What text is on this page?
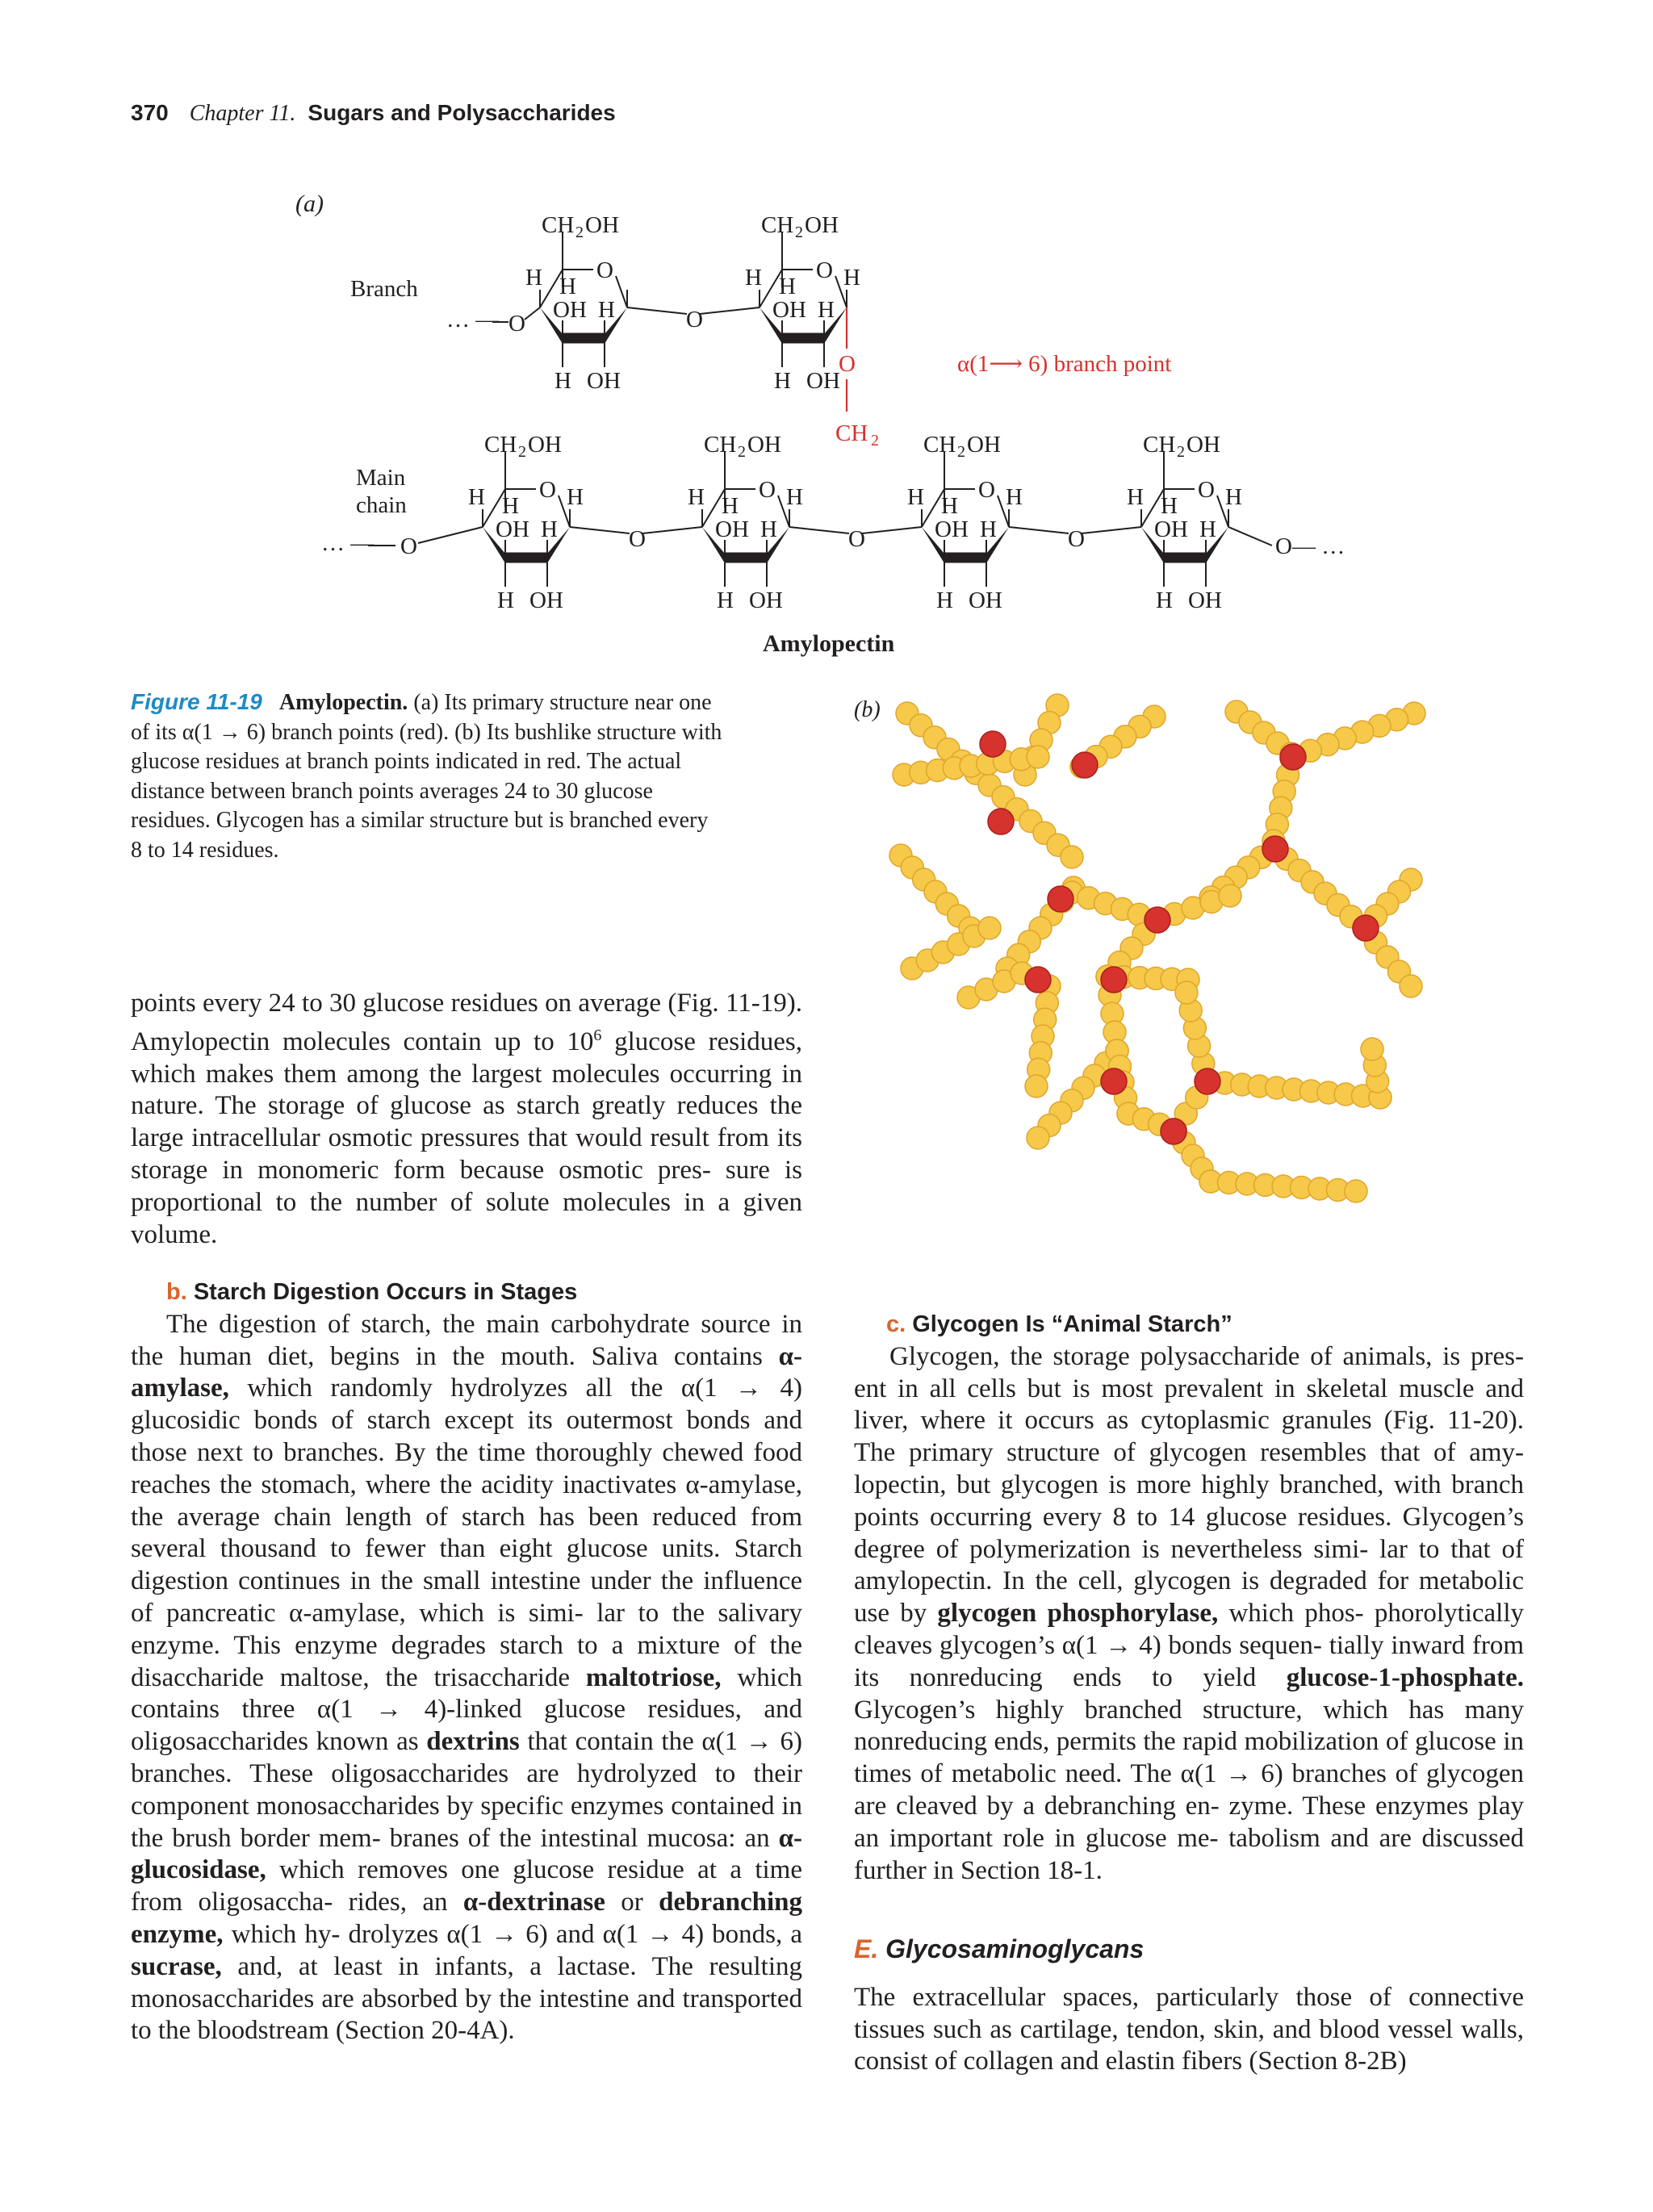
370 Chapter 11. Sugars and Polysaccharides
(a)
Branch
Main
chain
CH 2 OH
O
H H
OH H
H OH
CH 2 OH
O
H H
OH H
H OH
H
O
… — O
CH 2 OH
O
H H
OH H
H OH
H
CH 2 OH
O
H H
OH H
H OH
H
CH 2 OH
O
H H
OH H
H OH
H
CH 2 OH
O
H H
OH H
H OH
H
O	O	O
… — O	O— …
O
CH 2
α(1⟶ 6) branch point
Amylopectin
(b)
Figure 11-19 Amylopectin. (a) Its primary structure near one
of its α(1 → 6) branch points (red). (b) Its bushlike structure with
glucose residues at branch points indicated in red. The actual
distance between branch points averages 24 to 30 glucose
residues. Glycogen has a similar structure but is branched every
8 to 14 residues.

points every 24 to 30 glucose residues on average (Fig. 11-19). Amylopectin molecules contain up to $10^6$ glucose residues, which makes them among the largest molecules occurring in nature. The storage of glucose as starch greatly reduces the large intracellular osmotic pressures that would result from its storage in monomeric form because osmotic pres- sure is proportional to the number of solute molecules in a given volume.

b. Starch Digestion Occurs in Stages

The digestion of starch, the main carbohydrate source in the human diet, begins in the mouth. Saliva contains α-amylase, which randomly hydrolyzes all the α(1 → 4) glucosidic bonds of starch except its outermost bonds and those next to branches. By the time thoroughly chewed food reaches the stomach, where the acidity inactivates α-amylase, the average chain length of starch has been reduced from several thousand to fewer than eight glucose units. Starch digestion continues in the small intestine under the influence of pancreatic α-amylase, which is simi- lar to the salivary enzyme. This enzyme degrades starch to a mixture of the disaccharide maltose, the trisaccharide maltotriose, which contains three α(1 → 4)-linked glucose residues, and oligosaccharides known as dextrins that contain the α(1 → 6) branches. These oligosaccharides are hydrolyzed to their component monosaccharides by specific enzymes contained in the brush border mem- branes of the intestinal mucosa: an α-glucosidase, which removes one glucose residue at a time from oligosaccha- rides, an α-dextrinase or debranching enzyme, which hy- drolyzes α(1 → 6) and α(1 → 4) bonds, a sucrase, and, at least in infants, a lactase. The resulting monosaccharides are absorbed by the intestine and transported to the bloodstream (Section 20-4A).

c. Glycogen Is “Animal Starch”

Glycogen, the storage polysaccharide of animals, is pres- ent in all cells but is most prevalent in skeletal muscle and liver, where it occurs as cytoplasmic granules (Fig. 11-20). The primary structure of glycogen resembles that of amy- lopectin, but glycogen is more highly branched, with branch points occurring every 8 to 14 glucose residues. Glycogen’s degree of polymerization is nevertheless simi- lar to that of amylopectin. In the cell, glycogen is degraded for metabolic use by glycogen phosphorylase, which phos- phorolytically cleaves glycogen’s α(1 → 4) bonds sequen- tially inward from its nonreducing ends to yield glucose-1-phosphate. Glycogen’s highly branched structure, which has many nonreducing ends, permits the rapid mobilization of glucose in times of metabolic need. The α(1 → 6) branches of glycogen are cleaved by a debranching en- zyme. These enzymes play an important role in glucose me- tabolism and are discussed further in Section 18-1.

E. Glycosaminoglycans

The extracellular spaces, particularly those of connective tissues such as cartilage, tendon, skin, and blood vessel walls, consist of collagen and elastin fibers (Section 8-2B)
